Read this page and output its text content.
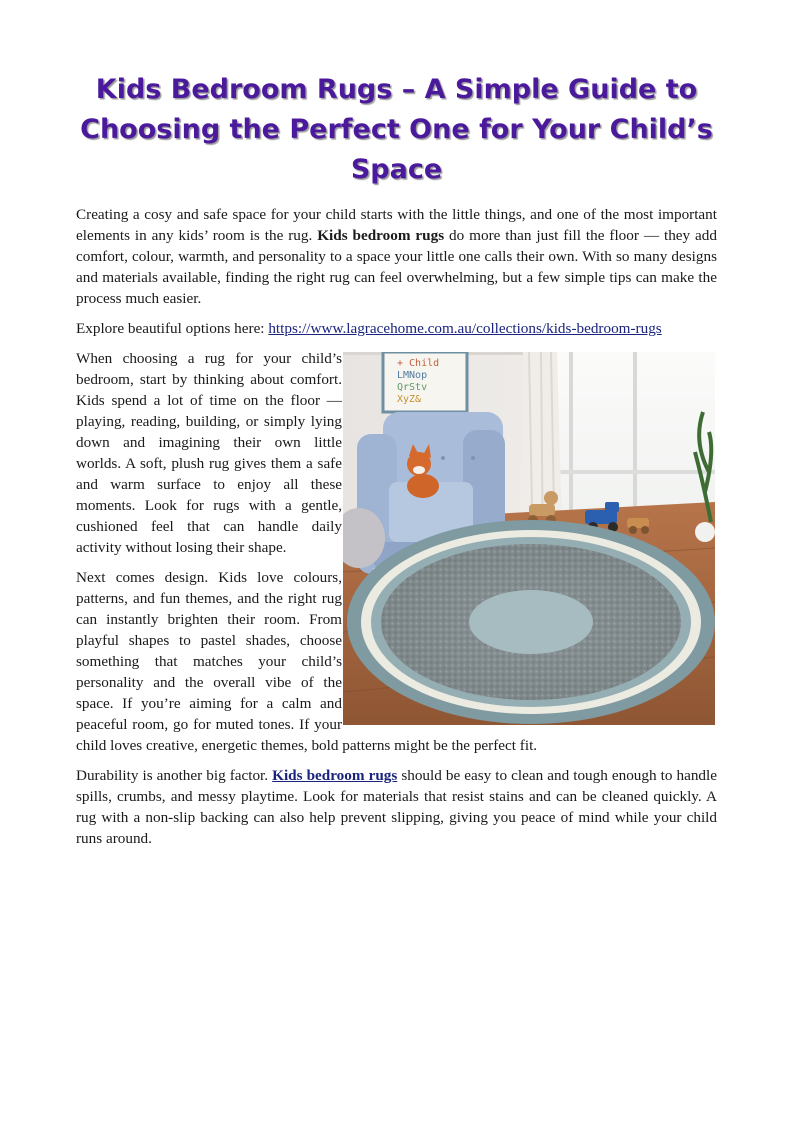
Kids Bedroom Rugs – A Simple Guide to Choosing the Perfect One for Your Child’s Space

Creating a cosy and safe space for your child starts with the little things, and one of the most important elements in any kids’ room is the rug. Kids bedroom rugs do more than just fill the floor — they add comfort, colour, warmth, and personality to a space your little one calls their own. With so many designs and materials available, finding the right rug can feel overwhelming, but a few simple tips can make the process much easier.

Explore beautiful options here: https://www.lagracehome.com.au/collections/kids-bedroom-rugs

+ Child
LMNop
QrStv
XyZ&

When choosing a rug for your child’s bedroom, start by thinking about comfort. Kids spend a lot of time on the floor — playing, reading, building, or simply lying down and imagining their own little worlds. A soft, plush rug gives them a safe and warm surface to enjoy all these moments. Look for rugs with a gentle, cushioned feel that can handle daily activity without losing their shape.

Next comes design. Kids love colours, patterns, and fun themes, and the right rug can instantly brighten their room. From playful shapes to pastel shades, choose something that matches your child’s personality and the overall vibe of the space. If you’re aiming for a calm and peaceful room, go for muted tones. If your child loves creative, energetic themes, bold patterns might be the perfect fit.

Durability is another big factor. Kids bedroom rugs should be easy to clean and tough enough to handle spills, crumbs, and messy playtime. Look for materials that resist stains and can be cleaned quickly. A rug with a non-slip backing can also help prevent slipping, giving you peace of mind while your child runs around.
